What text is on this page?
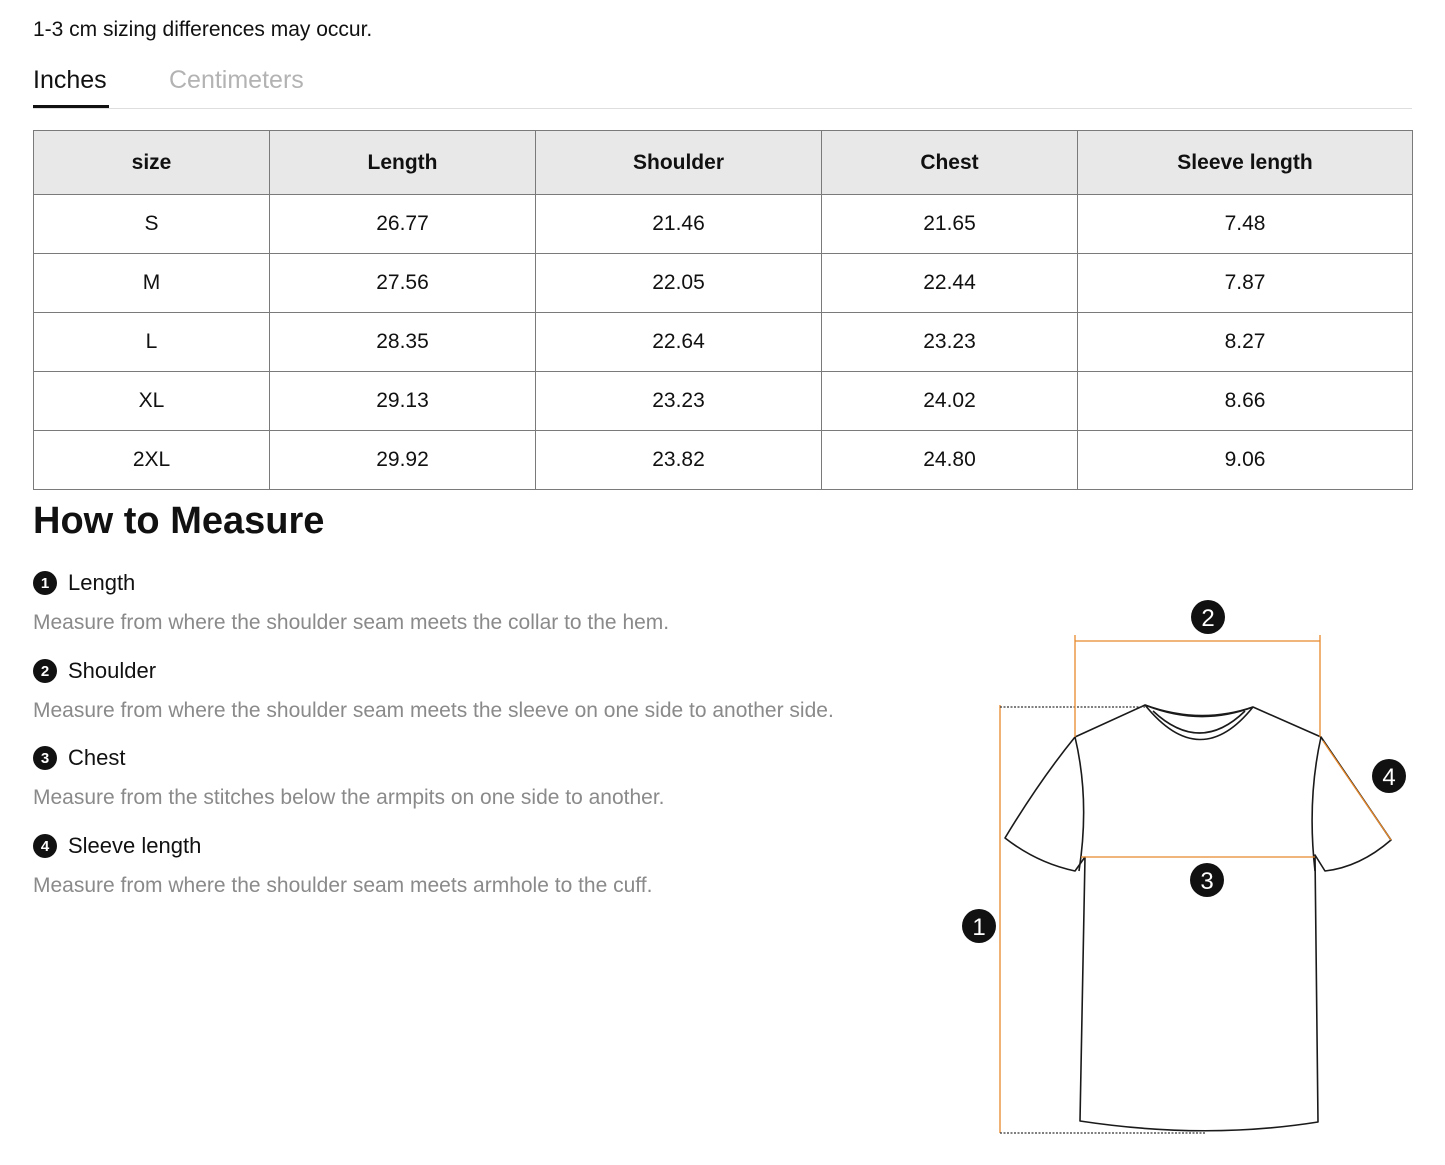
1-3 cm sizing differences may occur.
Inches Centimeters
size	Length	Shoulder	Chest	Sleeve length
S	26.77	21.46	21.65	7.48
M	27.56	22.05	22.44	7.87
L	28.35	22.64	23.23	8.27
XL	29.13	23.23	24.02	8.66
2XL	29.92	23.82	24.80	9.06
How to Measure
1 Length
Measure from where the shoulder seam meets the collar to the hem.
2 Shoulder
Measure from where the shoulder seam meets the sleeve on one side to another side.
3 Chest
Measure from the stitches below the armpits on one side to another.
4 Sleeve length
Measure from where the shoulder seam meets armhole to the cuff.
1
2
3
4
